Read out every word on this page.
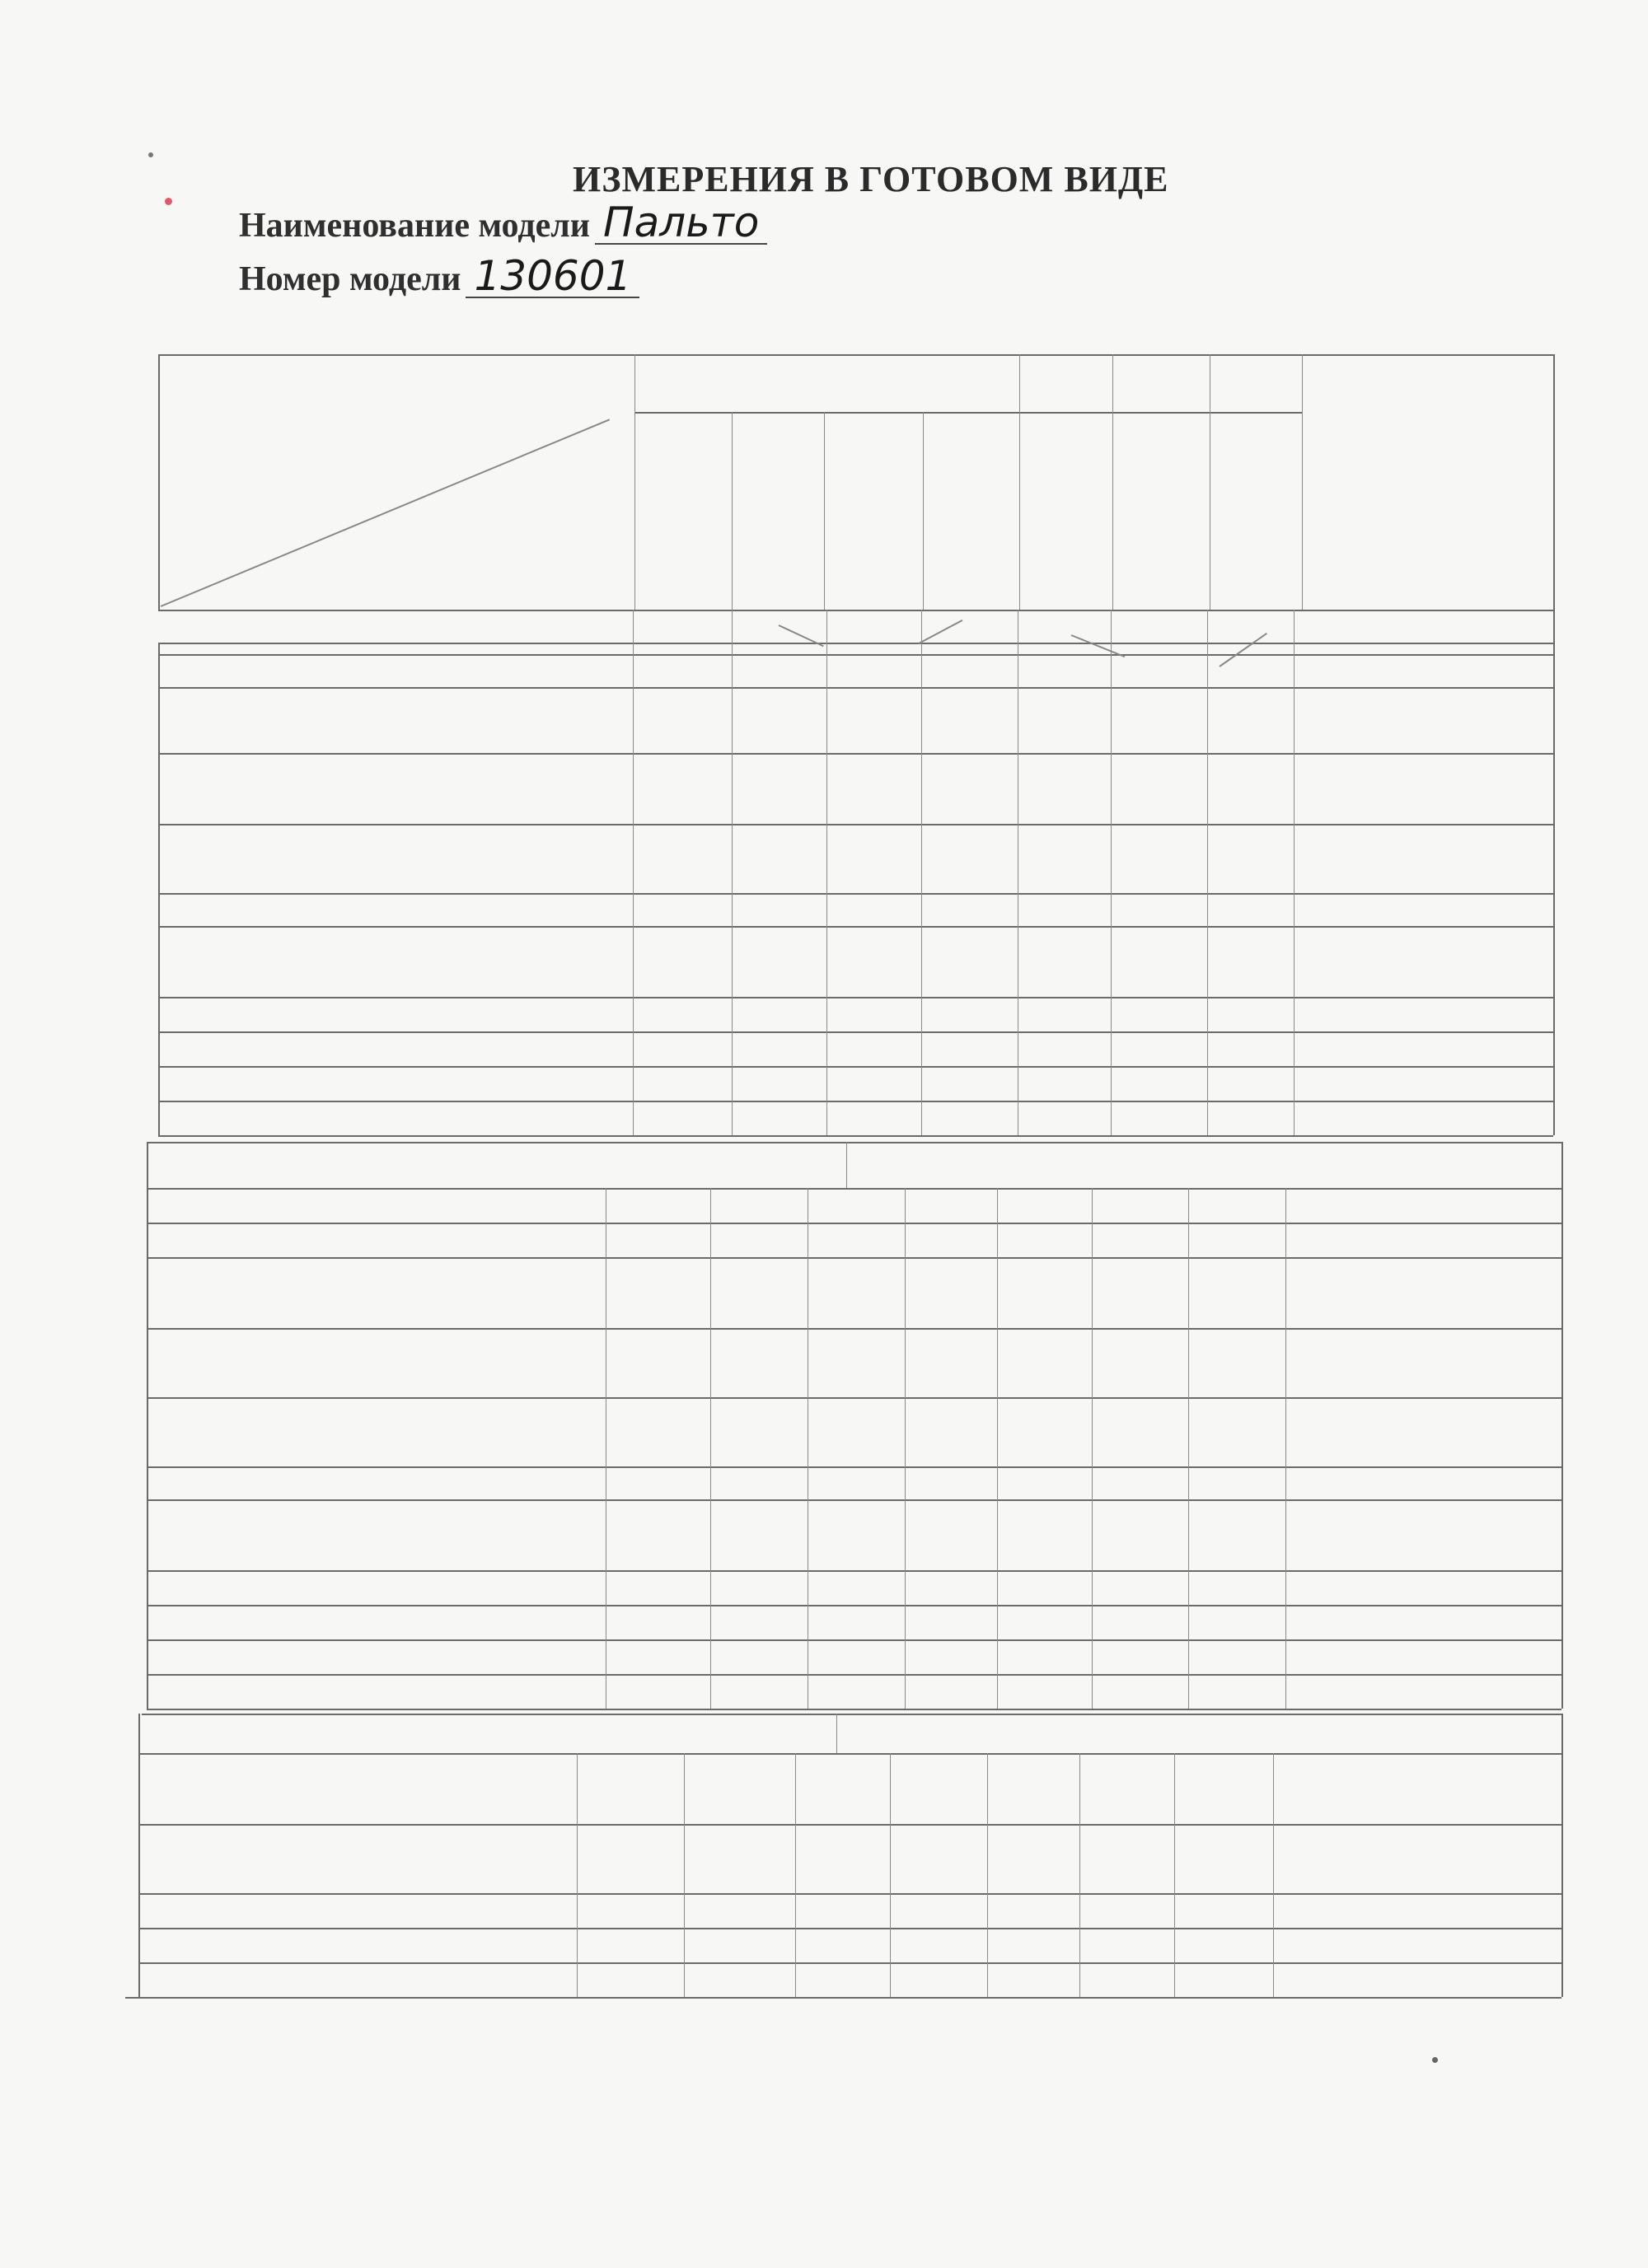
ИЗМЕРЕНИЯ В ГОТОВОМ ВИДЕ
Наименование модели Пальто
Номер модели 130601
